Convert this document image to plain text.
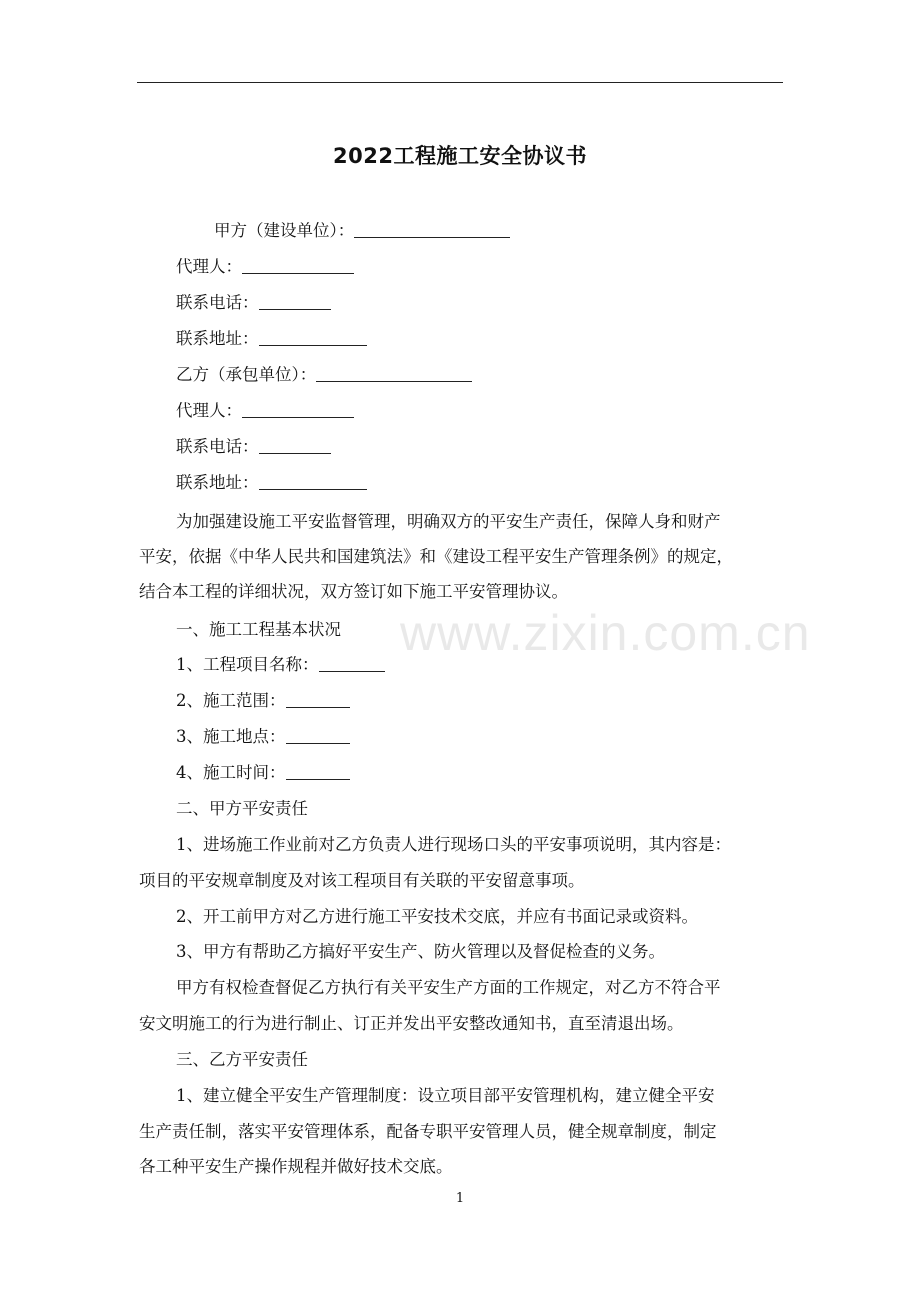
2022工程施工安全协议书
甲方（建设单位）：
代理人：
联系电话：
联系地址：
乙方（承包单位）：
代理人：
联系电话：
联系地址：
为加强建设施工平安监督管理，明确双方的平安生产责任，保障人身和财产
平安，依据《中华人民共和国建筑法》和《建设工程平安生产管理条例》的规定，
结合本工程的详细状况，双方签订如下施工平安管理协议。
一、施工工程基本状况
1、工程项目名称：
2、施工范围：
3、施工地点：
4、施工时间：
二、甲方平安责任
1、进场施工作业前对乙方负责人进行现场口头的平安事项说明，其内容是：
项目的平安规章制度及对该工程项目有关联的平安留意事项。
2、开工前甲方对乙方进行施工平安技术交底，并应有书面记录或资料。
3、甲方有帮助乙方搞好平安生产、防火管理以及督促检查的义务。
甲方有权检查督促乙方执行有关平安生产方面的工作规定，对乙方不符合平
安文明施工的行为进行制止、订正并发出平安整改通知书，直至清退出场。
三、乙方平安责任
1、建立健全平安生产管理制度：设立项目部平安管理机构，建立健全平安
生产责任制，落实平安管理体系，配备专职平安管理人员，健全规章制度，制定
各工种平安生产操作规程并做好技术交底。
www.zixin.com.cn
1
